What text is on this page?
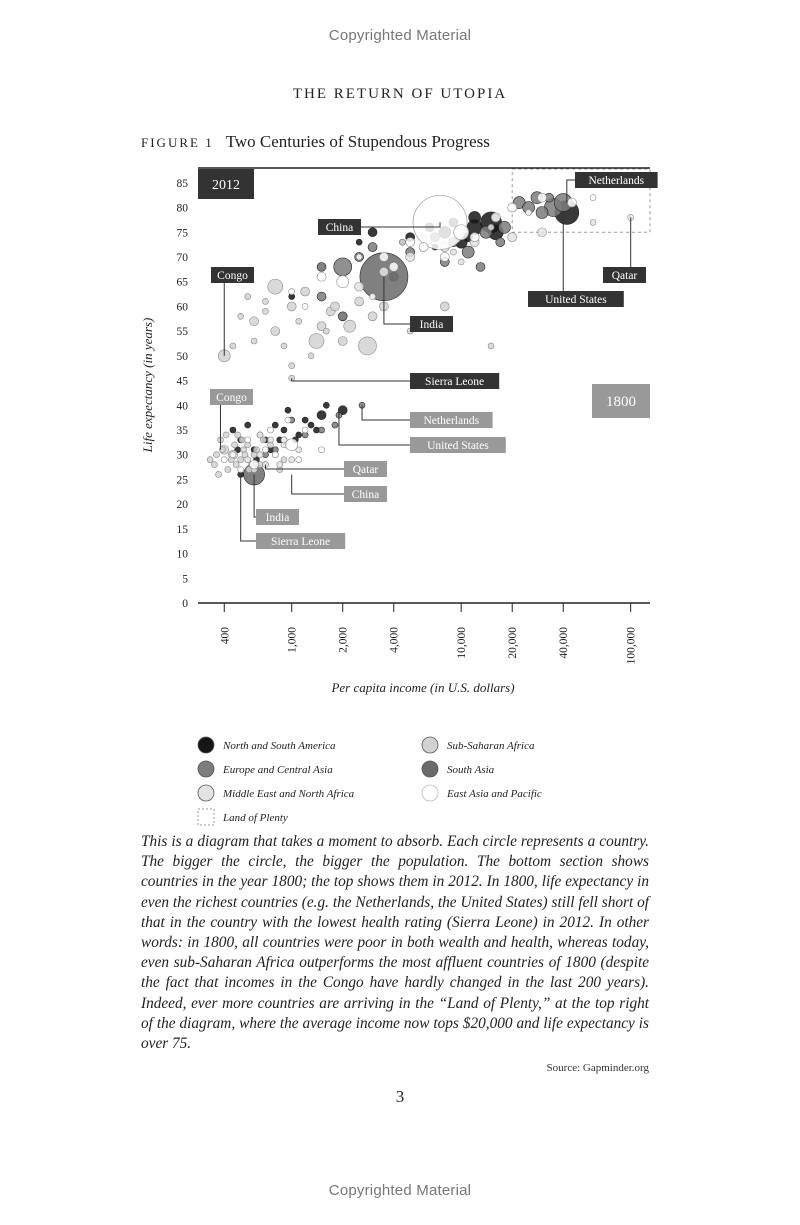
Copyrighted Material
THE RETURN OF UTOPIA
FIGURE 1 Two Centuries of Stupendous Progress
Netherlands
China
Congo	Qatar
United States
India
Sierra Leone
Congo
Netherlands
United States
Qatar
China
India
Sierra Leone
2012
1800
0
5
10
15
20
25
30
35
40
45
50
55
60
65
70
75
80
85
400	1,000	2,000	4,000	10,000	20,000	40,000	100,000
Per capita income (in U.S. dollars)
Life expectancy (in years)
North and South America	Sub-Saharan Africa
Europe and Central Asia	South Asia
Middle East and North Africa	East Asia and Pacific
Land of Plenty
This is a diagram that takes a moment to absorb. Each circle represents a country. The bigger the circle, the bigger the population. The bottom section shows countries in the year 1800; the top shows them in 2012. In 1800, life expectancy in even the richest countries (e.g. the Netherlands, the United States) still fell short of that in the country with the lowest health rating (Sierra Leone) in 2012. In other words: in 1800, all countries were poor in both wealth and health, whereas today, even sub-Saharan Africa outperforms the most affluent countries of 1800 (despite the fact that incomes in the Congo have hardly changed in the last 200 years). Indeed, ever more countries are arriving in the “Land of Plenty,” at the top right of the diagram, where the average income now tops $20,000 and life expectancy is over 75.
Source: Gapminder.org
3
Copyrighted Material
